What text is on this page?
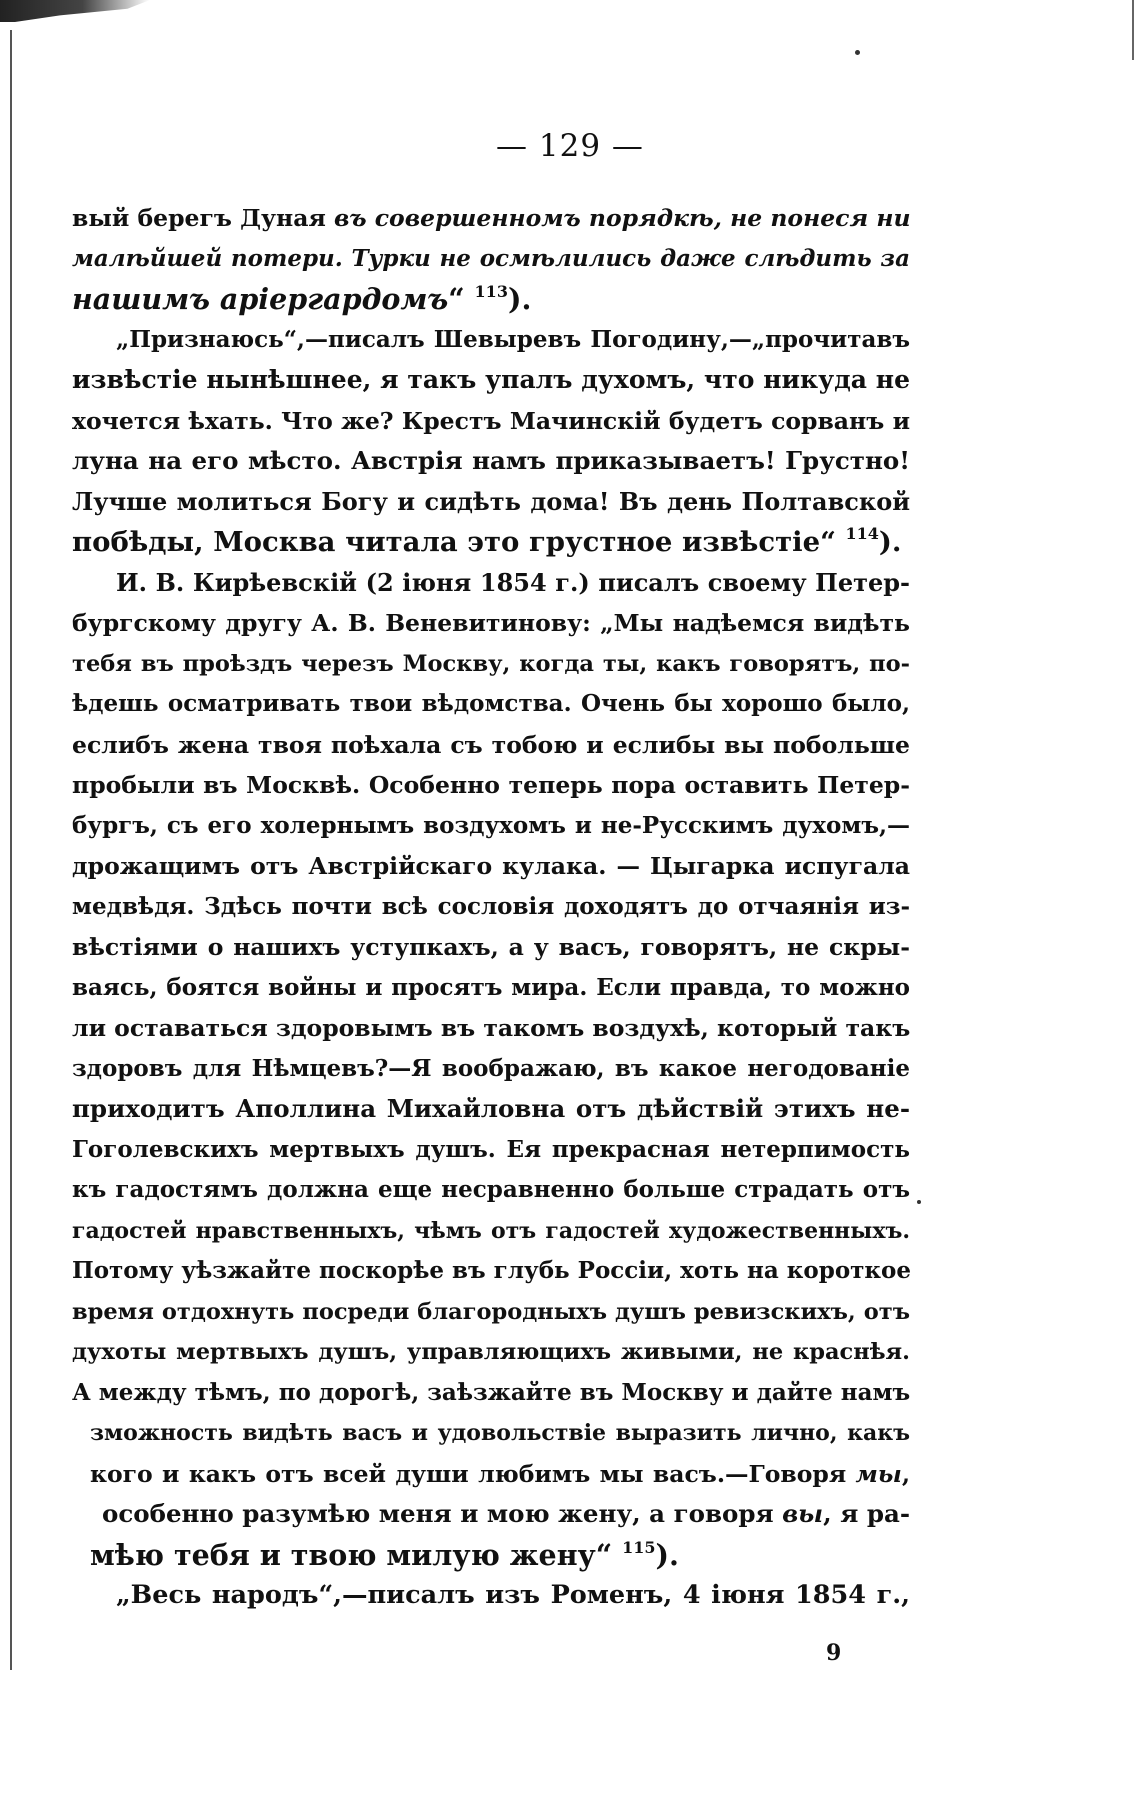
— 129 —
вый берегъ Дуная въ совершенномъ порядкѣ, не понеся ни
малѣйшей потери. Турки не осмѣлились даже слѣдить за
нашимъ аріергардомъ“ $^{113}$).
„Признаюсь“,—писалъ Шевыревъ Погодину,—„прочитавъ
извѣстіе нынѣшнее, я такъ упалъ духомъ, что никуда не
хочется ѣхать. Что же? Крестъ Мачинскій будетъ сорванъ и
луна на его мѣсто. Австрія намъ приказываетъ! Грустно!
Лучше молиться Богу и сидѣть дома! Въ день Полтавской
побѣды, Москва читала это грустное извѣстіе“ $^{114}$).
И. В. Кирѣевскій (2 іюня 1854 г.) писалъ своему Петер-
бургскому другу А. В. Веневитинову: „Мы надѣемся видѣть
тебя въ проѣздъ черезъ Москву, когда ты, какъ говорятъ, по-
ѣдешь осматривать твои вѣдомства. Очень бы хорошо было,
еслибъ жена твоя поѣхала съ тобою и еслибы вы побольше
пробыли въ Москвѣ. Особенно теперь пора оставить Петер-
бургъ, съ его холернымъ воздухомъ и не-Русскимъ духомъ,—
дрожащимъ отъ Австрійскаго кулака. — Цыгарка испугала
медвѣдя. Здѣсь почти всѣ сословія доходятъ до отчаянія из-
вѣстіями о нашихъ уступкахъ, а у васъ, говорятъ, не скры-
ваясь, боятся войны и просятъ мира. Если правда, то можно
ли оставаться здоровымъ въ такомъ воздухѣ, который такъ
здоровъ для Нѣмцевъ?—Я воображаю, въ какое негодованіе
приходитъ Аполлина Михайловна отъ дѣйствій этихъ не-
Гоголевскихъ мертвыхъ душъ. Ея прекрасная нетерпимость
къ гадостямъ должна еще несравненно больше страдать отъ
гадостей нравственныхъ, чѣмъ отъ гадостей художественныхъ.
Потому уѣзжайте поскорѣе въ глубь Россіи, хоть на короткое
время отдохнуть посреди благородныхъ душъ ревизскихъ, отъ
духоты мертвыхъ душъ, управляющихъ живыми, не краснѣя.
А между тѣмъ, по дорогѣ, заѣзжайте въ Москву и дайте намъ
зможность видѣть васъ и удовольствіе выразить лично, какъ
кого и какъ отъ всей души любимъ мы васъ.—Говоря мы,
особенно разумѣю меня и мою жену, а говоря вы, я ра-
мѣю тебя и твою милую жену“ $^{115}$).
„Весь народъ“,—писалъ изъ Роменъ, 4 іюня 1854 г.,
9
